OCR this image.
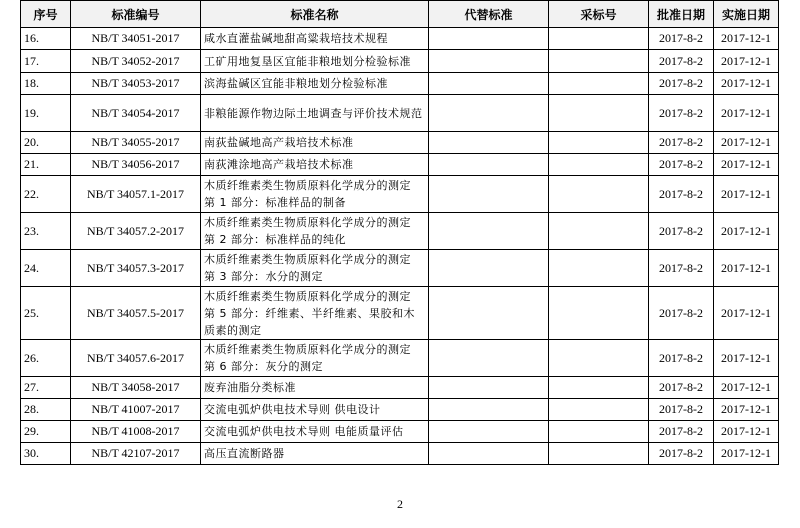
序号	标准编号	标准名称	代替标准	采标号	批准日期	实施日期
16.	NB/T 34051-2017	咸水直灌盐碱地甜高粱栽培技术规程			2017-8-2	2017-12-1
17.	NB/T 34052-2017	工矿用地复垦区宜能非粮地划分检验标准			2017-8-2	2017-12-1
18.	NB/T 34053-2017	滨海盐碱区宜能非粮地划分检验标准			2017-8-2	2017-12-1
19.	NB/T 34054-2017	非粮能源作物边际土地调查与评价技术规范			2017-8-2	2017-12-1
20.	NB/T 34055-2017	南荻盐碱地高产栽培技术标准			2017-8-2	2017-12-1
21.	NB/T 34056-2017	南荻滩涂地高产栽培技术标准			2017-8-2	2017-12-1
22.	NB/T 34057.1-2017	木质纤维素类生物质原料化学成分的测定 第 1 部分：标准样品的制备			2017-8-2	2017-12-1
23.	NB/T 34057.2-2017	木质纤维素类生物质原料化学成分的测定 第 2 部分：标准样品的纯化			2017-8-2	2017-12-1
24.	NB/T 34057.3-2017	木质纤维素类生物质原料化学成分的测定 第 3 部分：水分的测定			2017-8-2	2017-12-1
25.	NB/T 34057.5-2017	木质纤维素类生物质原料化学成分的测定 第 5 部分：纤维素、半纤维素、果胶和木质素的测定			2017-8-2	2017-12-1
26.	NB/T 34057.6-2017	木质纤维素类生物质原料化学成分的测定 第 6 部分：灰分的测定			2017-8-2	2017-12-1
27.	NB/T 34058-2017	废弃油脂分类标准			2017-8-2	2017-12-1
28.	NB/T 41007-2017	交流电弧炉供电技术导则 供电设计			2017-8-2	2017-12-1
29.	NB/T 41008-2017	交流电弧炉供电技术导则 电能质量评估			2017-8-2	2017-12-1
30.	NB/T 42107-2017	高压直流断路器			2017-8-2	2017-12-1
2
